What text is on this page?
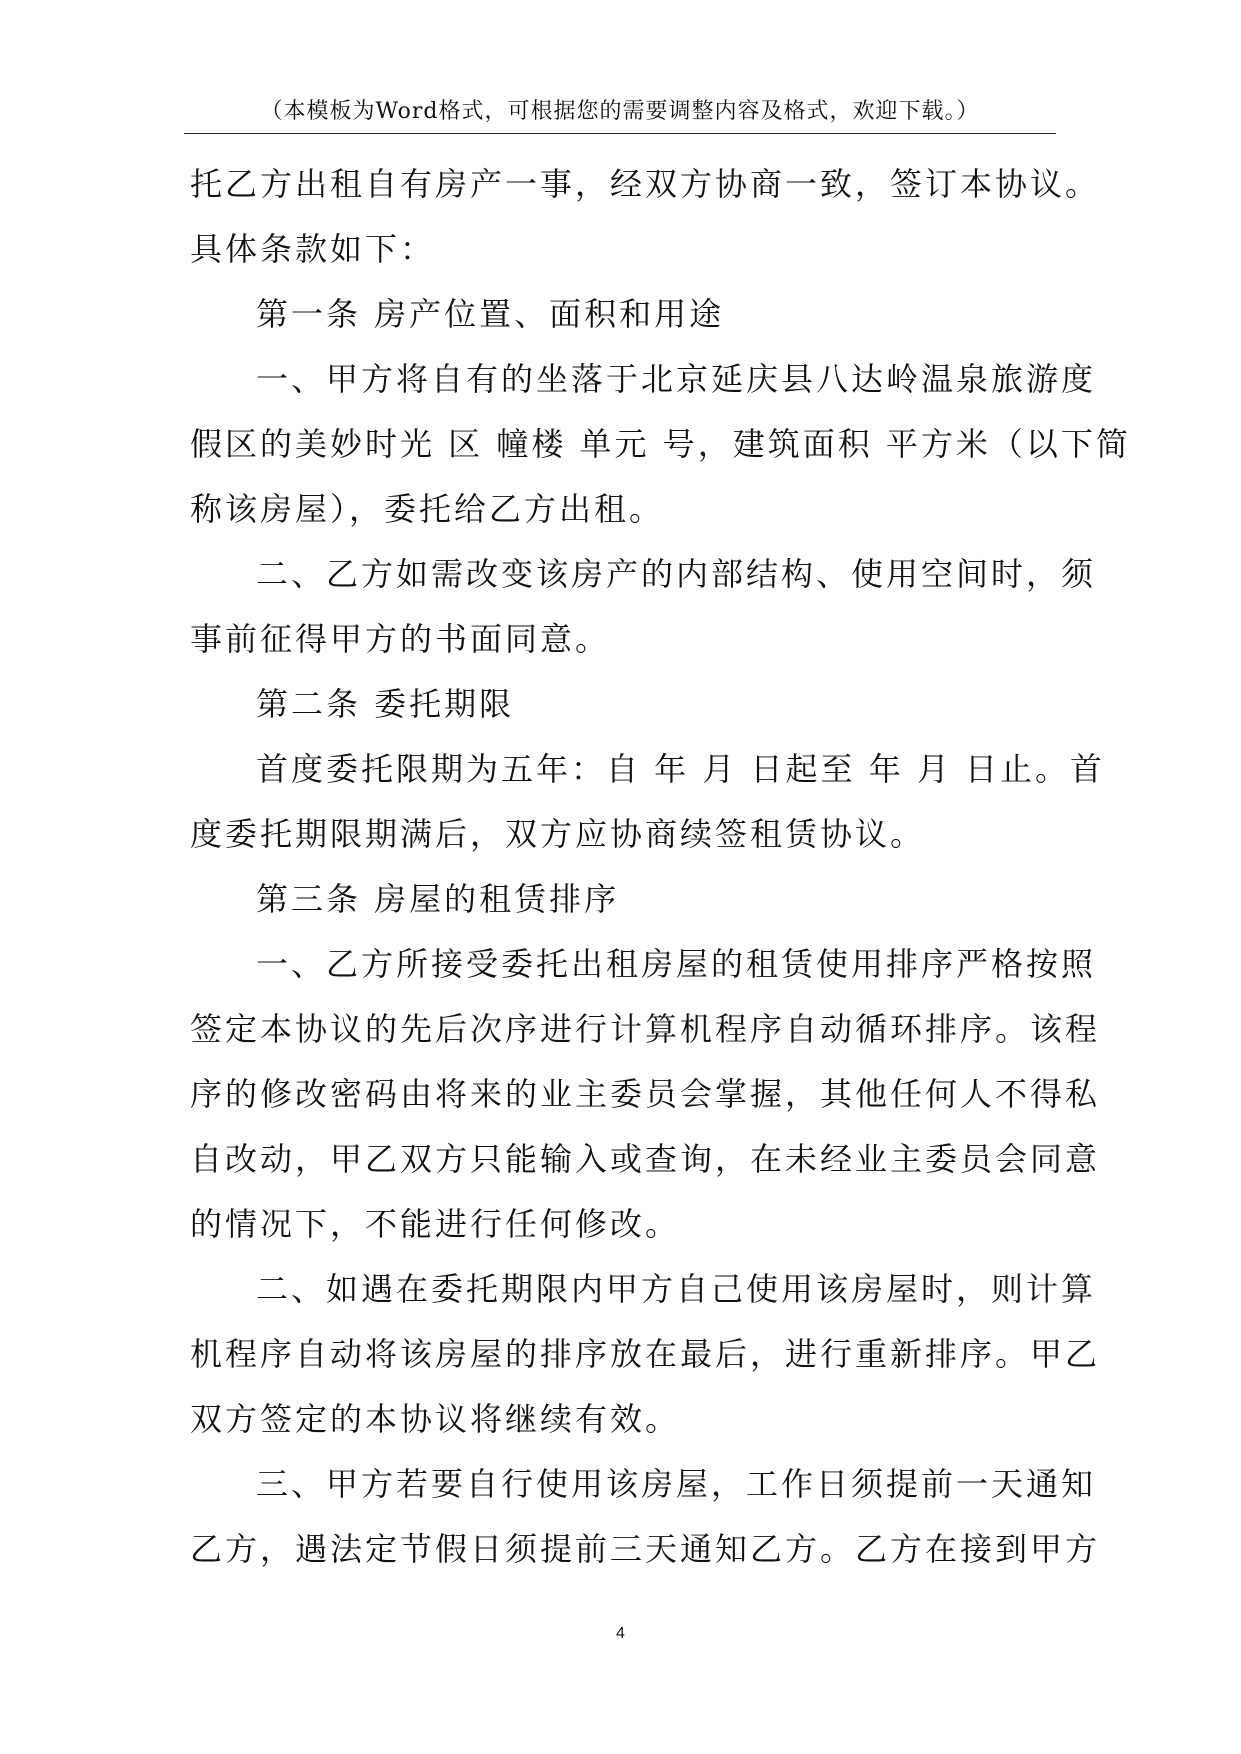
（本模板为Word格式，可根据您的需要调整内容及格式，欢迎下载。）
托乙方出租自有房产一事，经双方协商一致，签订本协议。
具体条款如下：
第一条 房产位置、面积和用途
一、甲方将自有的坐落于北京延庆县八达岭温泉旅游度
假区的美妙时光 区 幢楼 单元 号，建筑面积 平方米（以下简
称该房屋），委托给乙方出租。
二、乙方如需改变该房产的内部结构、使用空间时，须
事前征得甲方的书面同意。
第二条 委托期限
首度委托限期为五年：自 年 月 日起至 年 月 日止。首
度委托期限期满后，双方应协商续签租赁协议。
第三条 房屋的租赁排序
一、乙方所接受委托出租房屋的租赁使用排序严格按照
签定本协议的先后次序进行计算机程序自动循环排序。该程
序的修改密码由将来的业主委员会掌握，其他任何人不得私
自改动，甲乙双方只能输入或查询，在未经业主委员会同意
的情况下，不能进行任何修改。
二、如遇在委托期限内甲方自己使用该房屋时，则计算
机程序自动将该房屋的排序放在最后，进行重新排序。甲乙
双方签定的本协议将继续有效。
三、甲方若要自行使用该房屋，工作日须提前一天通知
乙方，遇法定节假日须提前三天通知乙方。乙方在接到甲方
4
